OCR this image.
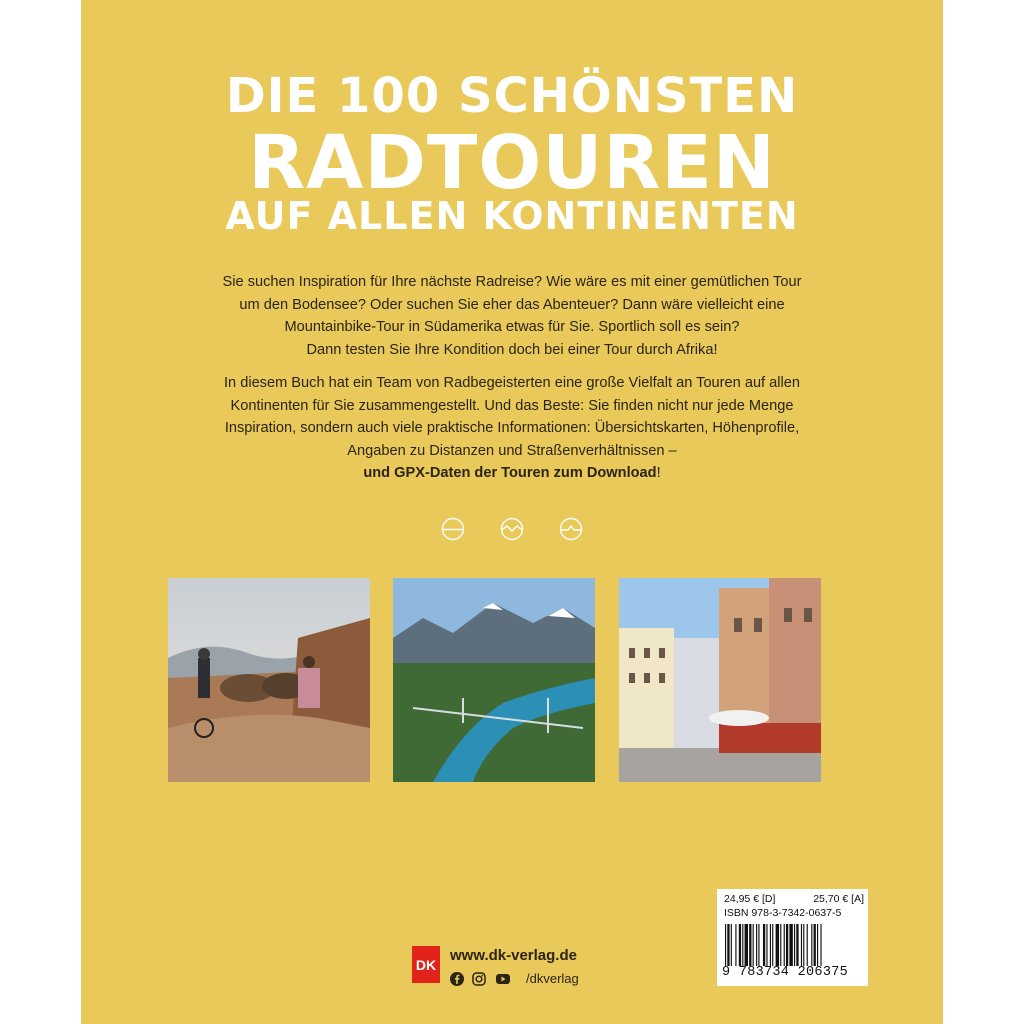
DIE 100 SCHÖNSTEN
RADTOUREN
AUF ALLEN KONTINENTEN

Sie suchen Inspiration für Ihre nächste Radreise? Wie wäre es mit einer gemütlichen Tour

um den Bodensee? Oder suchen Sie eher das Abenteuer? Dann wäre vielleicht eine

Mountainbike-Tour in Südamerika etwas für Sie. Sportlich soll es sein?

Dann testen Sie Ihre Kondition doch bei einer Tour durch Afrika!

In diesem Buch hat ein Team von Radbegeisterten eine große Vielfalt an Touren auf allen

Kontinenten für Sie zusammengestellt. Und das Beste: Sie finden nicht nur jede Menge

Inspiration, sondern auch viele praktische Informationen: Übersichtskarten, Höhenprofile,

Angaben zu Distanzen und Straßenverhältnissen –

und GPX-Daten der Touren zum Download!

24,95 € [D]	25,70 € [A]
ISBN 978-3-7342-0637-5
9 783734 206375
DK
www.dk-verlag.de
/dkverlag
